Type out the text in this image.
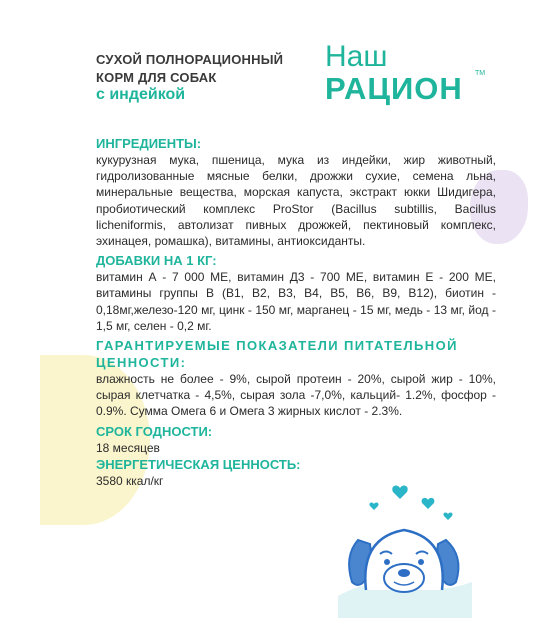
СУХОЙ ПОЛНОРАЦИОННЫЙ
КОРМ ДЛЯ СОБАК
с индейкой
Наш
РАЦИОН TM

ИНГРЕДИЕНТЫ:

кукурузная мука, пшеница, мука из индейки, жир животный, гидролизованные мясные белки, дрожжи сухие, семена льна, минеральные вещества, морская капуста, экстракт юкки Шидигера, пробиотический комплекс ProStor (Bacillus subtillis, Bacillus licheniformis, автолизат пивных дрожжей, пектиновый комплекс, эхинацея, ромашка), витамины, антиоксиданты.

ДОБАВКИ НА 1 КГ:

витамин А - 7 000 МЕ, витамин Д3 - 700 МЕ, витамин Е - 200 МЕ, витамины группы В (В1, В2, В3, В4, В5, В6, В9, В12), биотин - 0,18мг,железо-120 мг, цинк - 150 мг, марганец - 15 мг, медь - 13 мг, йод - 1,5 мг, селен - 0,2 мг.

ГАРАНТИРУЕМЫЕ ПОКАЗАТЕЛИ ПИТАТЕЛЬНОЙ ЦЕННОСТИ:

влажность не более - 9%, сырой протеин - 20%, сырой жир - 10%, сырая клетчатка - 4,5%, сырая зола -7,0%, кальций- 1.2%, фосфор - 0.9%. Сумма Омега 6 и Омега 3 жирных кислот - 2.3%.

СРОК ГОДНОСТИ:

18 месяцев

ЭНЕРГЕТИЧЕСКАЯ ЦЕННОСТЬ:

3580 ккал/кг
